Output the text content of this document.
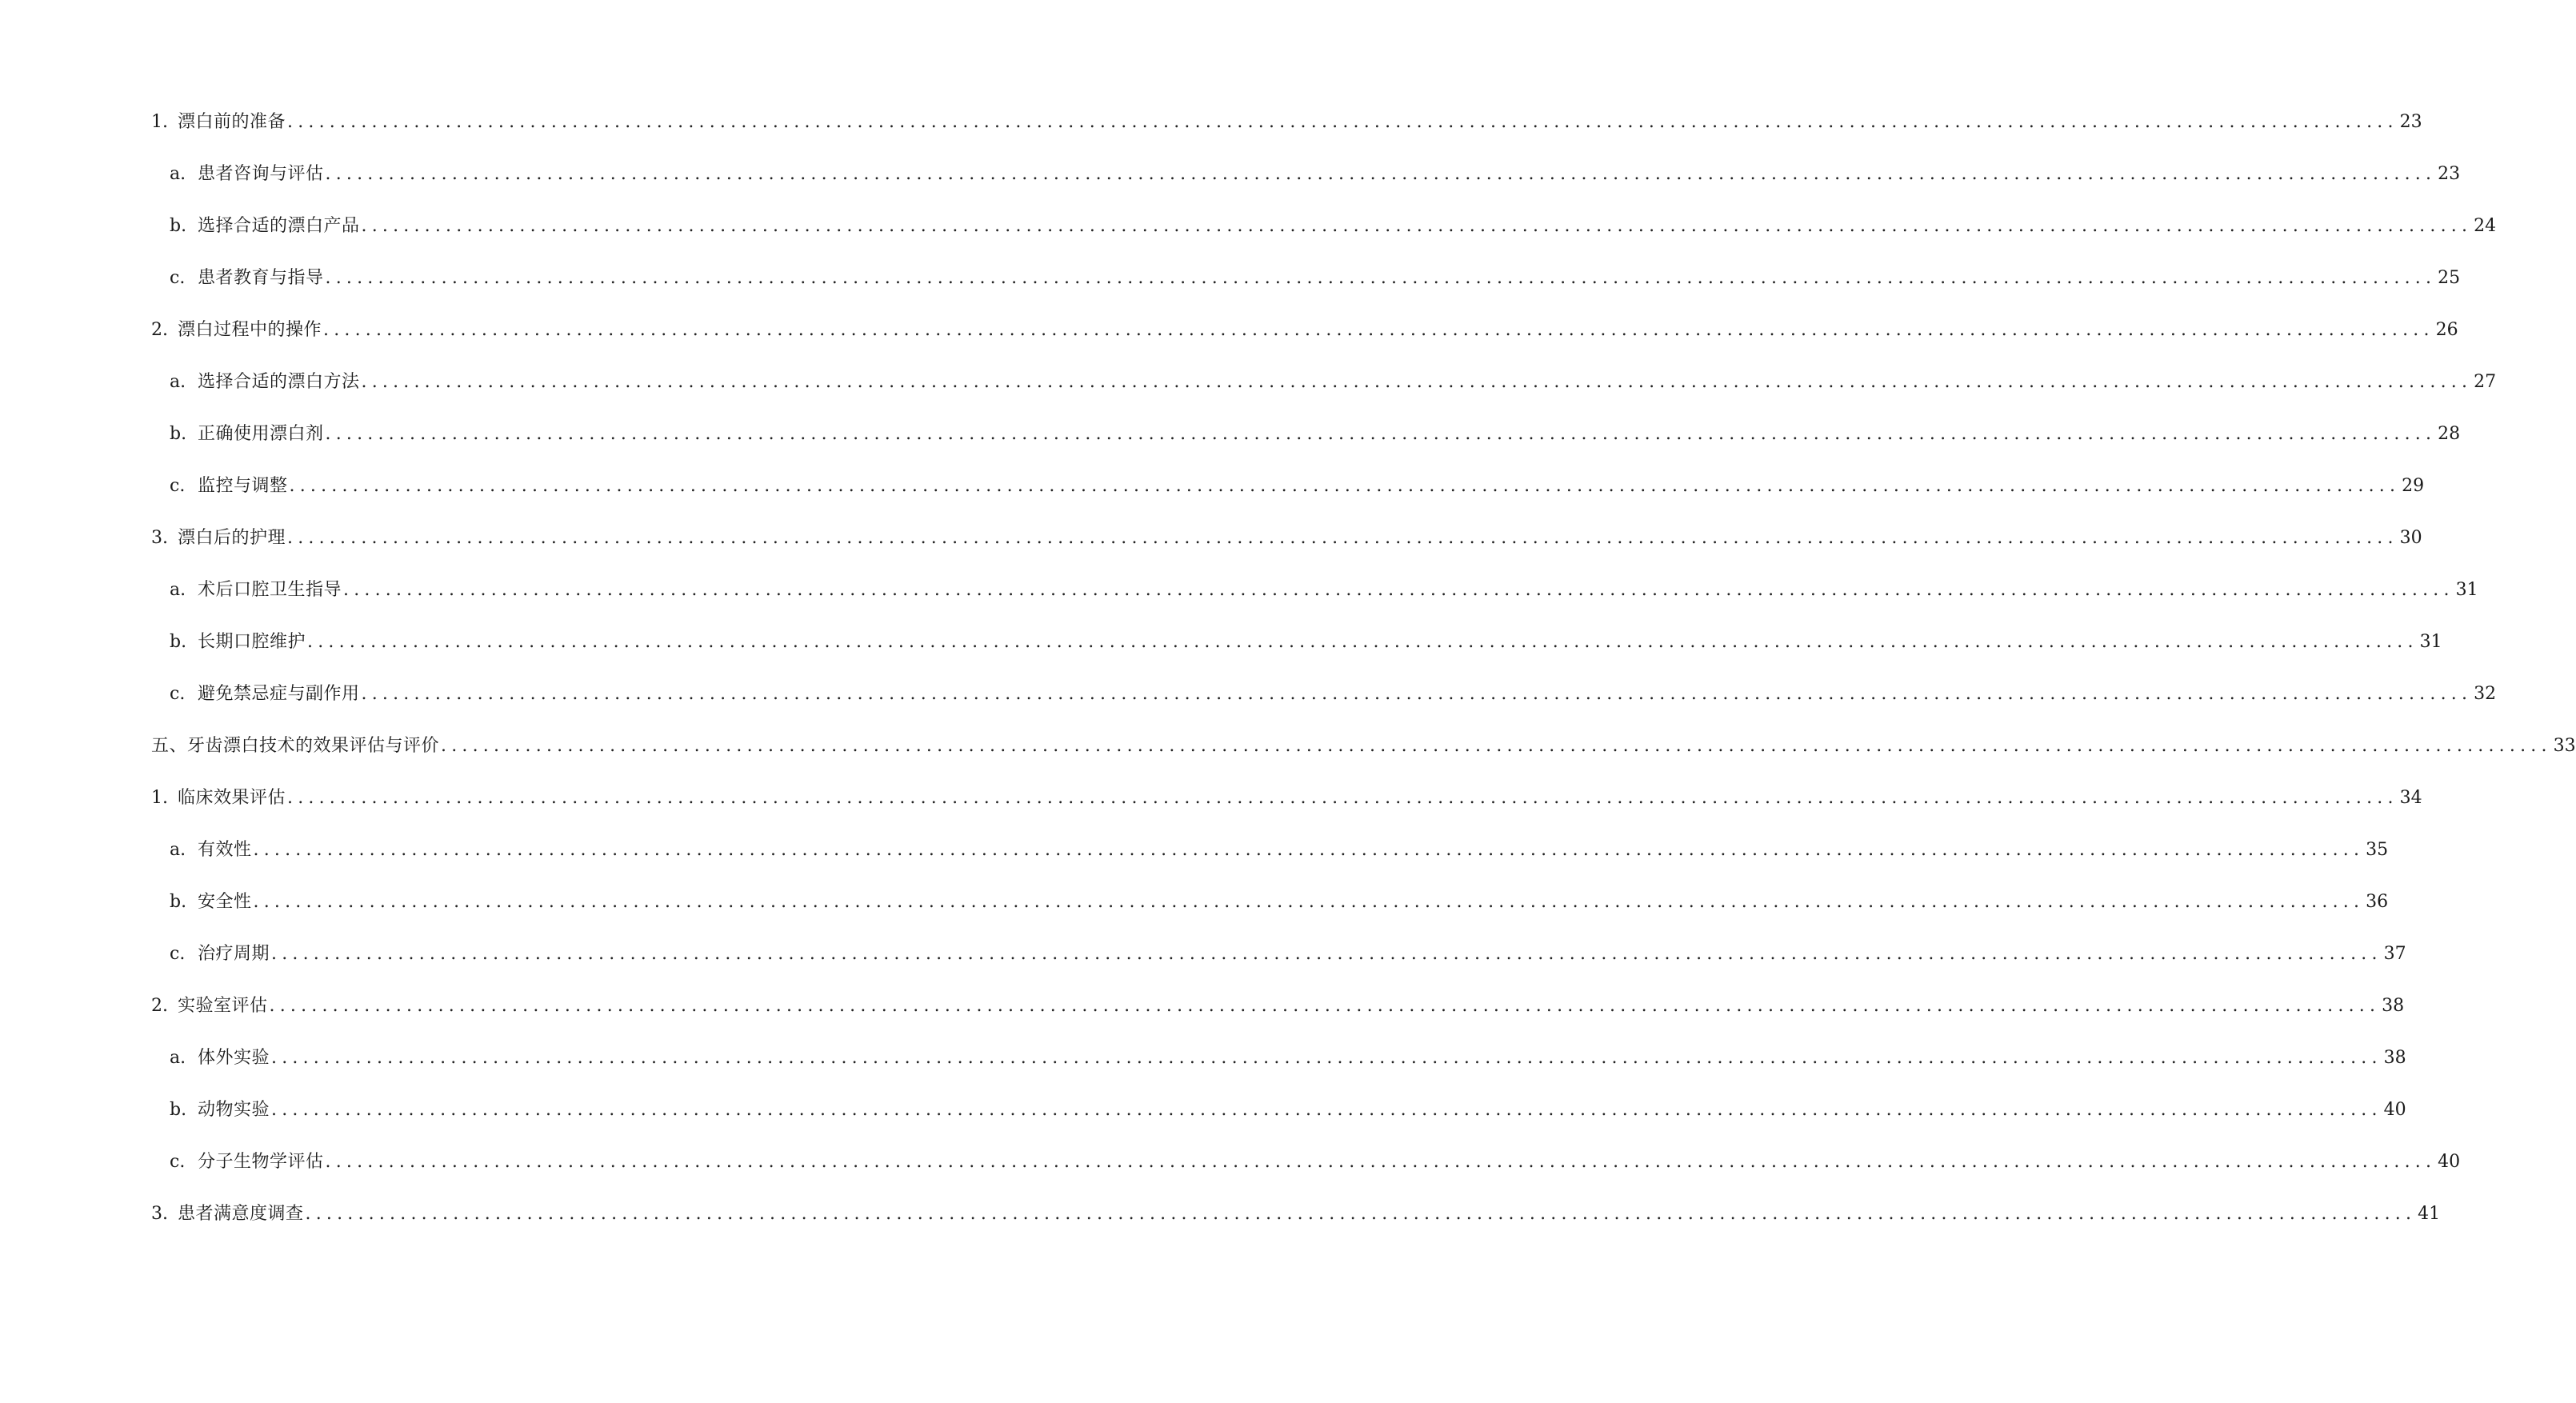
1. 漂白前的准备 ........................................................................................................................................................................................................ 23
a. 患者咨询与评估 ........................................................................................................................................................................................................ 23
b. 选择合适的漂白产品 ........................................................................................................................................................................................................ 24
c. 患者教育与指导 ........................................................................................................................................................................................................ 25
2. 漂白过程中的操作 ........................................................................................................................................................................................................ 26
a. 选择合适的漂白方法 ........................................................................................................................................................................................................ 27
b. 正确使用漂白剂 ........................................................................................................................................................................................................ 28
c. 监控与调整 ........................................................................................................................................................................................................ 29
3. 漂白后的护理 ........................................................................................................................................................................................................ 30
a. 术后口腔卫生指导 ........................................................................................................................................................................................................ 31
b. 长期口腔维护 ........................................................................................................................................................................................................ 31
c. 避免禁忌症与副作用 ........................................................................................................................................................................................................ 32
五、牙齿漂白技术的效果评估与评价 ........................................................................................................................................................................................................ 33
1. 临床效果评估 ........................................................................................................................................................................................................ 34
a. 有效性 ........................................................................................................................................................................................................ 35
b. 安全性 ........................................................................................................................................................................................................ 36
c. 治疗周期 ........................................................................................................................................................................................................ 37
2. 实验室评估 ........................................................................................................................................................................................................ 38
a. 体外实验 ........................................................................................................................................................................................................ 38
b. 动物实验 ........................................................................................................................................................................................................ 40
c. 分子生物学评估 ........................................................................................................................................................................................................ 40
3. 患者满意度调查 ........................................................................................................................................................................................................ 41
